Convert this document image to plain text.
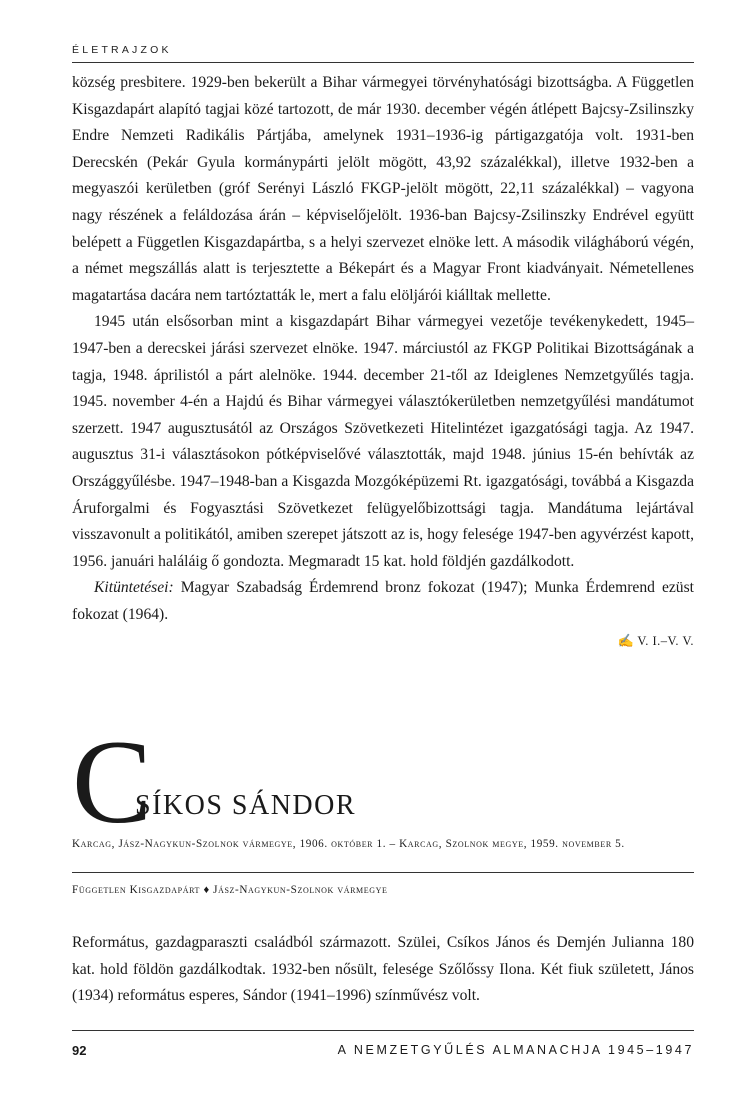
ÉLETRAJZOK

község presbitere. 1929-ben bekerült a Bihar vármegyei törvényhatósági bizottságba. A Független Kisgazdapárt alapító tagjai közé tartozott, de már 1930. december végén átlépett Bajcsy-Zsilinszky Endre Nemzeti Radikális Pártjába, amelynek 1931–1936-ig pártigazgatója volt. 1931-ben Derecskén (Pekár Gyula kormánypárti jelölt mögött, 43,92 százalékkal), illetve 1932-ben a megyaszói kerületben (gróf Serényi László FKGP-jelölt mögött, 22,11 százalékkal) – vagyona nagy részének a feláldozása árán – képviselőjelölt. 1936-ban Bajcsy-Zsilinszky Endrével együtt belépett a Független Kisgazdapártba, s a helyi szervezet elnöke lett. A második világháború végén, a német megszállás alatt is terjesztette a Békepárt és a Magyar Front kiadványait. Németellenes magatartása dacára nem tartóztatták le, mert a falu elöljárói kiálltak mellette.

1945 után elsősorban mint a kisgazdapárt Bihar vármegyei vezetője tevékenykedett, 1945–1947-ben a derecskei járási szervezet elnöke. 1947. márciustól az FKGP Politikai Bizottságának a tagja, 1948. áprilistól a párt alelnöke. 1944. december 21-től az Ideiglenes Nemzetgyűlés tagja. 1945. november 4-én a Hajdú és Bihar vármegyei választókerületben nemzetgyűlési mandátumot szerzett. 1947 augusztusától az Országos Szövetkezeti Hitelintézet igazgatósági tagja. Az 1947. augusztus 31-i választásokon pótképviselővé választották, majd 1948. június 15-én behívták az Országgyűlésbe. 1947–1948-ban a Kisgazda Mozgóképüzemi Rt. igazgatósági, továbbá a Kisgazda Áruforgalmi és Fogyasztási Szövetkezet felügyelőbizottsági tagja. Mandátuma lejártával visszavonult a politikától, amiben szerepet játszott az is, hogy felesége 1947-ben agyvérzést kapott, 1956. januári haláláig ő gondozta. Megmaradt 15 kat. hold földjén gazdálkodott.

Kitüntetései: Magyar Szabadság Érdemrend bronz fokozat (1947); Munka Érdemrend ezüst fokozat (1964).

✍ V. I.–V. V.
C
SÍKOS SÁNDOR
Karcag, Jász-Nagykun-Szolnok vármegye, 1906. október 1. – Karcag, Szolnok megye, 1959. november 5.
Független Kisgazdapárt ♦ Jász-Nagykun-Szolnok vármegye
Református, gazdagparaszti családból származott. Szülei, Csíkos János és Demjén Julianna 180 kat. hold földön gazdálkodtak. 1932-ben nősült, felesége Szőlőssy Ilona. Két fiuk született, János (1934) református esperes, Sándor (1941–1996) színművész volt.
92	A NEMZETGYŰLÉS ALMANACHJA 1945–1947
